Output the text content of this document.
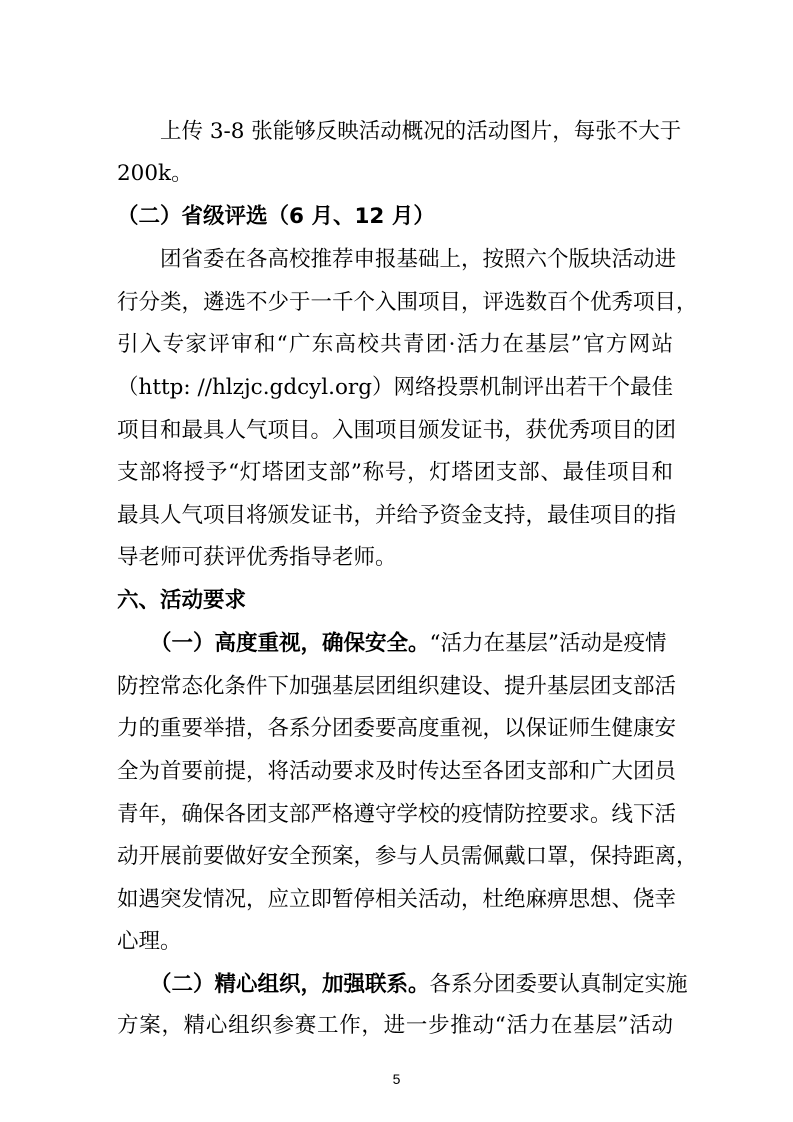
上传 3-8 张能够反映活动概况的活动图片，每张不大于
200k。
（二）省级评选（6 月、12 月）
团省委在各高校推荐申报基础上，按照六个版块活动进
行分类，遴选不少于一千个入围项目，评选数百个优秀项目，
引入专家评审和“广东高校共青团·活力在基层”官方网站
（http: //hlzjc.gdcyl.org）网络投票机制评出若干个最佳
项目和最具人气项目。入围项目颁发证书，获优秀项目的团
支部将授予“灯塔团支部”称号，灯塔团支部、最佳项目和
最具人气项目将颁发证书，并给予资金支持，最佳项目的指
导老师可获评优秀指导老师。
六、活动要求
（一）高度重视，确保安全。“活力在基层”活动是疫情
防控常态化条件下加强基层团组织建设、提升基层团支部活
力的重要举措，各系分团委要高度重视，以保证师生健康安
全为首要前提，将活动要求及时传达至各团支部和广大团员
青年，确保各团支部严格遵守学校的疫情防控要求。线下活
动开展前要做好安全预案，参与人员需佩戴口罩，保持距离，
如遇突发情况，应立即暂停相关活动，杜绝麻痹思想、侥幸
心理。
（二）精心组织，加强联系。各系分团委要认真制定实施
方案，精心组织参赛工作，进一步推动“活力在基层”活动
5
